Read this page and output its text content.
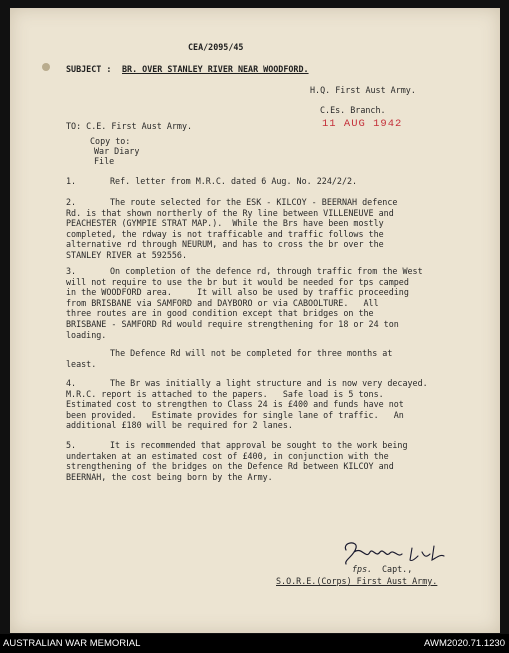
CEA/2095/45

SUBJECT : BR. OVER STANLEY RIVER NEAR WOODFORD.

H.Q. First Aust Army.

C.Es. Branch.

TO: C.E. First Aust Army.	11 AUG 1942

Copy to:

War Diary

File

1.	Ref. letter from M.R.C. dated 6 Aug. No. 224/2/2.

2.	The route selected for the ESK - KILCOY - BEERNAH defence

Rd. is that shown northerly of the Ry line between VILLENEUVE and

PEACHESTER (GYMPIE STRAT MAP.).  While the Brs have been mostly

completed, the rdway is not trafficable and traffic follows the

alternative rd through NEURUM, and has to cross the br over the

STANLEY RIVER at 592556.

3.	On completion of the defence rd, through traffic from the West

will not require to use the br but it would be needed for tps camped

in the WOODFORD area.     It will also be used by traffic proceeding

from BRISBANE via SAMFORD and DAYBORO or via CABOOLTURE.   All

three routes are in good condition except that bridges on the

BRISBANE - SAMFORD Rd would require strengthening for 18 or 24 ton

loading.

The Defence Rd will not be completed for three months at

least.

4.	The Br was initially a light structure and is now very decayed.

M.R.C. report is attached to the papers.   Safe load is 5 tons.

Estimated cost to strengthen to Class 24 is £400 and funds have not

been provided.   Estimate provides for single lane of traffic.   An

additional £180 will be required for 2 lanes.

5.	It is recommended that approval be sought to the work being

undertaken at an estimated cost of £400, in conjunction with the

strengthening of the bridges on the Defence Rd between KILCOY and

BEERNAH, the cost being born by the Army.

fps. Capt.,

S.O.R.E.(Corps) First Aust Army.

AUSTRALIAN WAR MEMORIAL	AWM2020.71.1230
